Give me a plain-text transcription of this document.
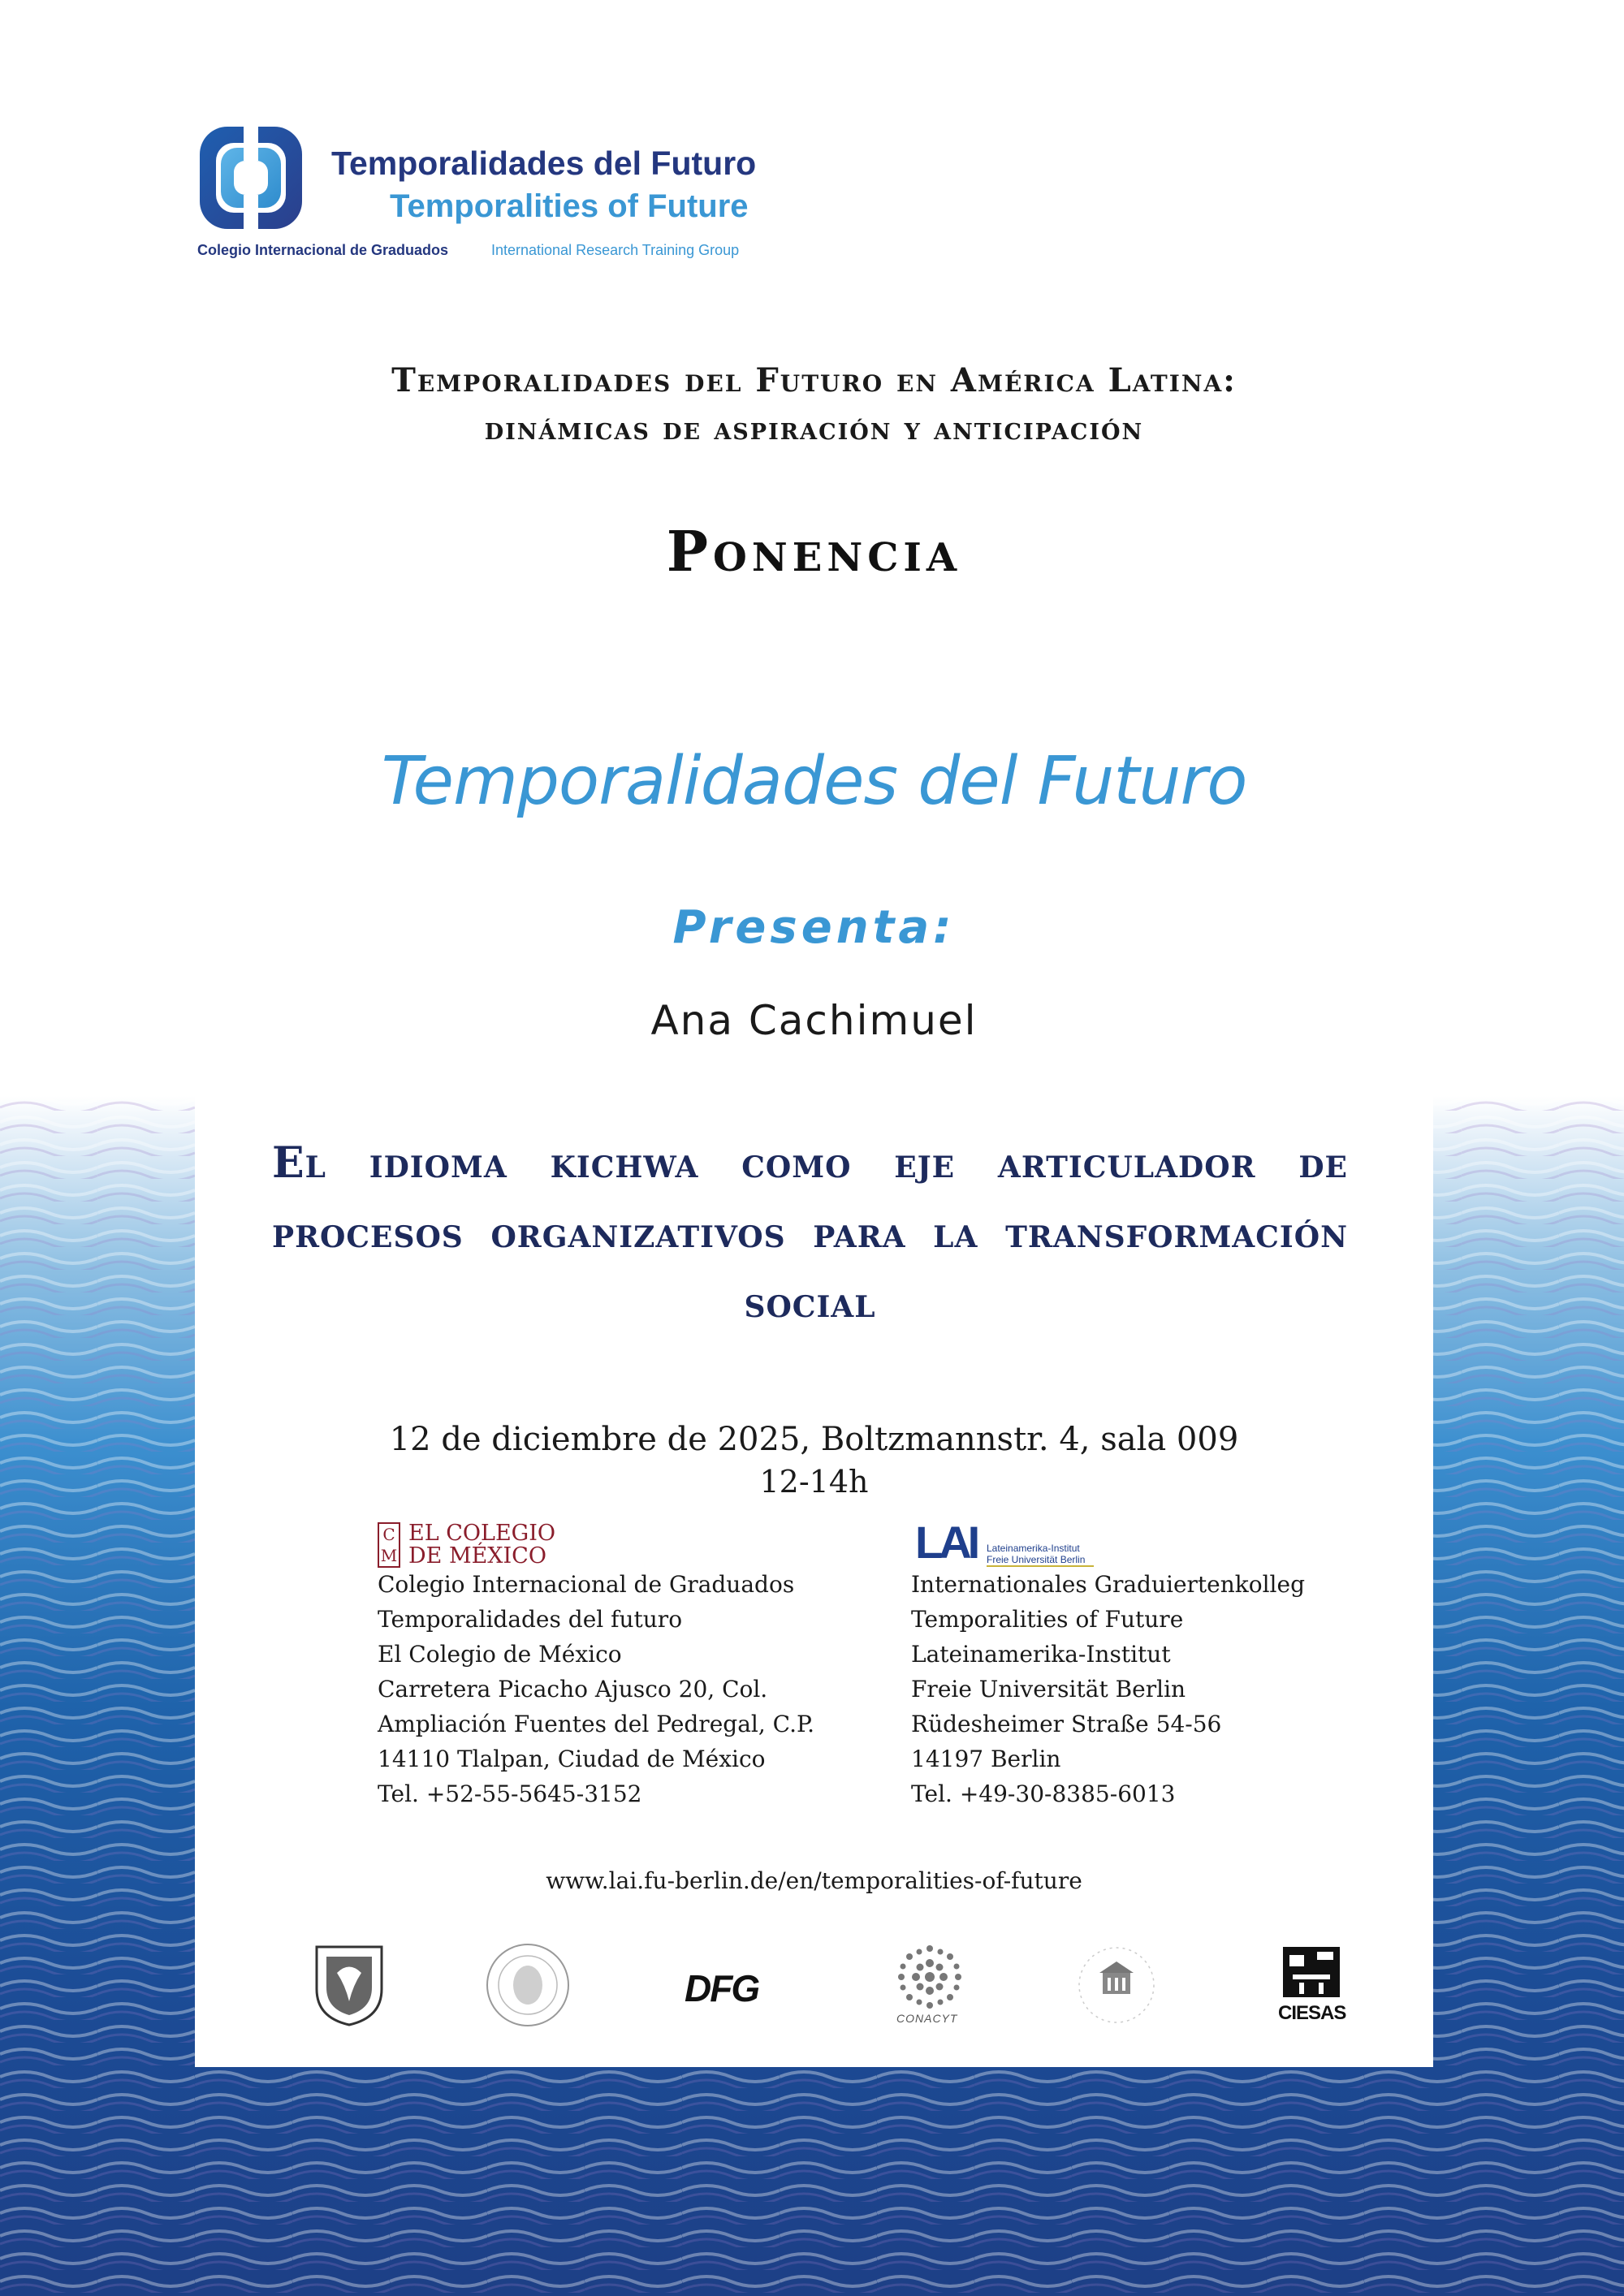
Temporalidades del Futuro
Temporalities of Future
Colegio Internacional de Graduados	International Research Training Group
Temporalidades del Futuro en América Latina:
dinámicas de aspiración y anticipación
Ponencia
Temporalidades del Futuro
Presenta:
Ana Cachimuel
El idioma kichwa como eje articulador de procesos organizativos para la transformación social
12 de diciembre de 2025, Boltzmannstr. 4, sala 009
12-14h
C
M
EL COLEGIO
DE MÉXICO
Colegio Internacional de Graduados
Temporalidades del futuro
El Colegio de México
Carretera Picacho Ajusco 20, Col.
Ampliación Fuentes del Pedregal, C.P.
14110 Tlalpan, Ciudad de México
Tel. +52-55-5645-3152
LAI Lateinamerika-Institut
Freie Universität Berlin
Internationales Graduiertenkolleg
Temporalities of Future
Lateinamerika-Institut
Freie Universität Berlin
Rüdesheimer Straße 54-56
14197 Berlin
Tel. +49-30-8385-6013
www.lai.fu-berlin.de/en/temporalities-of-future
DFG
CONACYT	CIESAS
